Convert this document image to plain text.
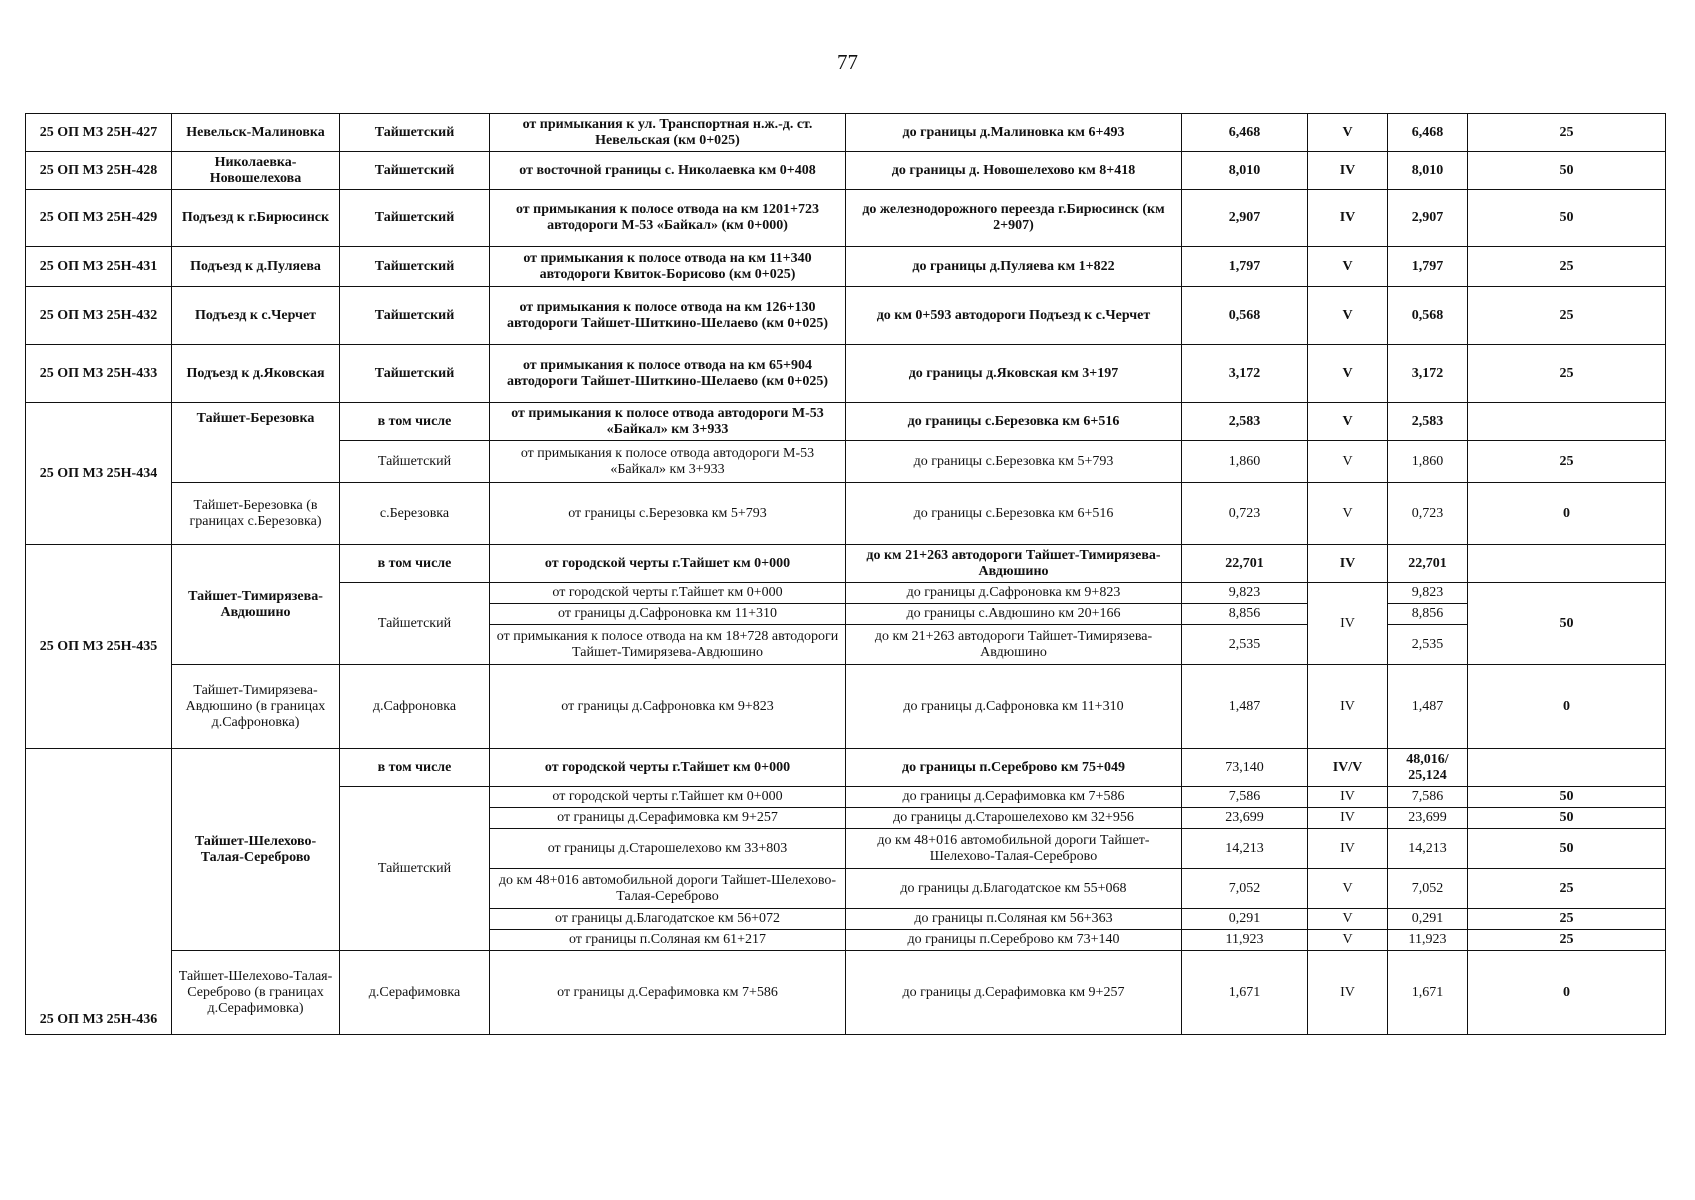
77
25 ОП МЗ 25Н-427	Невельск-Малиновка	Тайшетский	от примыкания к ул. Транспортная н.ж.-д. ст. Невельская (км 0+025)	до границы д.Малиновка км 6+493	6,468	V	6,468	25
25 ОП МЗ 25Н-428	Николаевка-Новошелехова	Тайшетский	от восточной границы с. Николаевка км 0+408	до границы д. Новошелехово км 8+418	8,010	IV	8,010	50
25 ОП МЗ 25Н-429	Подъезд к г.Бирюсинск	Тайшетский	от примыкания к полосе отвода на км 1201+723 автодороги М-53 «Байкал» (км 0+000)	до железнодорожного переезда г.Бирюсинск (км 2+907)	2,907	IV	2,907	50
25 ОП МЗ 25Н-431	Подъезд к д.Пуляева	Тайшетский	от примыкания к полосе отвода на км 11+340 автодороги Квиток-Борисово (км 0+025)	до границы д.Пуляева км 1+822	1,797	V	1,797	25
25 ОП МЗ 25Н-432	Подъезд к с.Черчет	Тайшетский	от примыкания к полосе отвода на км 126+130 автодороги Тайшет-Шиткино-Шелаево (км 0+025)	до км 0+593 автодороги Подъезд к с.Черчет	0,568	V	0,568	25
25 ОП МЗ 25Н-433	Подъезд к д.Яковская	Тайшетский	от примыкания к полосе отвода на км 65+904 автодороги Тайшет-Шиткино-Шелаево (км 0+025)	до границы д.Яковская км 3+197	3,172	V	3,172	25
25 ОП МЗ 25Н-434	Тайшет-Березовка	в том числе	от примыкания к полосе отвода автодороги М-53 «Байкал» км 3+933	до границы с.Березовка км 6+516	2,583	V	2,583	
		Тайшетский	от примыкания к полосе отвода автодороги М-53 «Байкал» км 3+933	до границы с.Березовка км 5+793	1,860	V	1,860	25
	Тайшет-Березовка (в границах с.Березовка)	с.Березовка	от границы с.Березовка км 5+793	до границы с.Березовка км 6+516	0,723	V	0,723	0
25 ОП МЗ 25Н-435	Тайшет-Тимирязева-Авдюшино	в том числе	от городской черты г.Тайшет км 0+000	до км 21+263 автодороги Тайшет-Тимирязева-Авдюшино	22,701	IV	22,701	
		Тайшетский	от городской черты г.Тайшет км 0+000	до границы д.Сафроновка км 9+823	9,823	IV	9,823	50
			от границы д.Сафроновка км 11+310	до границы с.Авдюшино км 20+166	8,856		8,856	
			от примыкания к полосе отвода на км 18+728 автодороги Тайшет-Тимирязева-Авдюшино	до км 21+263 автодороги Тайшет-Тимирязева-Авдюшино	2,535		2,535	
	Тайшет-Тимирязева-Авдюшино (в границах д.Сафроновка)	д.Сафроновка	от границы д.Сафроновка км 9+823	до границы д.Сафроновка км 11+310	1,487	IV	1,487	0
25 ОП МЗ 25Н-436	Тайшет-Шелехово-Талая-Сереброво	в том числе	от городской черты г.Тайшет км 0+000	до границы п.Сереброво км 75+049	73,140	IV/V	48,016/ 25,124	
		Тайшетский	от городской черты г.Тайшет км 0+000	до границы д.Серафимовка км 7+586	7,586	IV	7,586	50
			от границы д.Серафимовка км 9+257	до границы д.Старошелехово км 32+956	23,699	IV	23,699	50
			от границы д.Старошелехово км 33+803	до км 48+016 автомобильной дороги Тайшет-Шелехово-Талая-Сереброво	14,213	IV	14,213	50
			до км 48+016 автомобильной дороги Тайшет-Шелехово-Талая-Сереброво	до границы д.Благодатское км 55+068	7,052	V	7,052	25
			от границы д.Благодатское км 56+072	до границы п.Соляная км 56+363	0,291	V	0,291	25
			от границы п.Соляная км 61+217	до границы п.Сереброво км 73+140	11,923	V	11,923	25
	Тайшет-Шелехово-Талая-Сереброво (в границах д.Серафимовка)	д.Серафимовка	от границы д.Серафимовка км 7+586	до границы д.Серафимовка км 9+257	1,671	IV	1,671	0
